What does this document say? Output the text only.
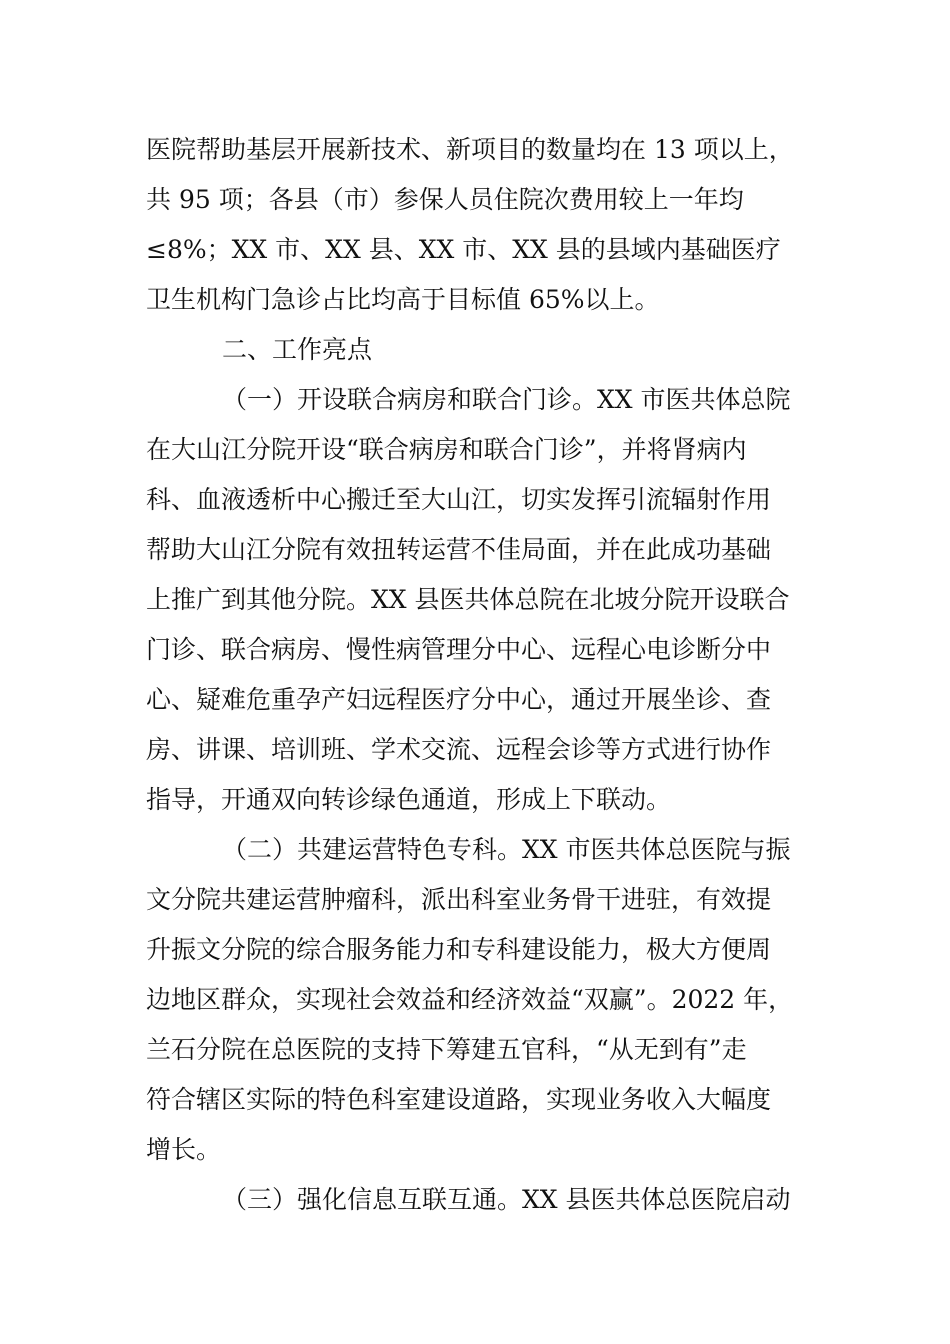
医院帮助基层开展新技术、新项目的数量均在 13 项以上，
共 95 项；各县（市）参保人员住院次费用较上一年均
≤8%；XX 市、XX 县、XX 市、XX 县的县域内基础医疗
卫生机构门急诊占比均高于目标值 65%以上。
二、工作亮点
（一）开设联合病房和联合门诊。XX 市医共体总院
在大山江分院开设“联合病房和联合门诊”，并将肾病内
科、血液透析中心搬迁至大山江，切实发挥引流辐射作用
帮助大山江分院有效扭转运营不佳局面，并在此成功基础
上推广到其他分院。XX 县医共体总院在北坡分院开设联合
门诊、联合病房、慢性病管理分中心、远程心电诊断分中
心、疑难危重孕产妇远程医疗分中心，通过开展坐诊、查
房、讲课、培训班、学术交流、远程会诊等方式进行协作
指导，开通双向转诊绿色通道，形成上下联动。
（二）共建运营特色专科。XX 市医共体总医院与振
文分院共建运营肿瘤科，派出科室业务骨干进驻，有效提
升振文分院的综合服务能力和专科建设能力，极大方便周
边地区群众，实现社会效益和经济效益“双赢”。2022 年，
兰石分院在总医院的支持下筹建五官科，“从无到有”走
符合辖区实际的特色科室建设道路，实现业务收入大幅度
增长。
（三）强化信息互联互通。XX 县医共体总医院启动
